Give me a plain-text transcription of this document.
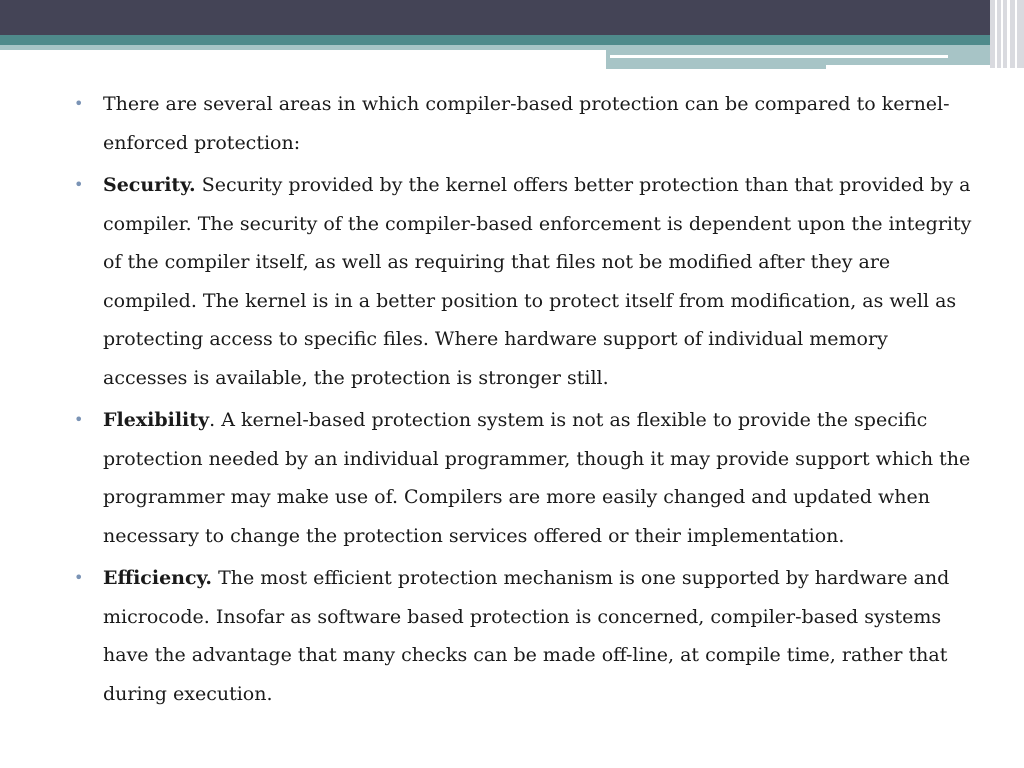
• There are several areas in which compiler-based protection can be compared to kernel-enforced protection:
• Security. Security provided by the kernel offers better protection than that provided by a compiler. The security of the compiler-based enforcement is dependent upon the integrity of the compiler itself, as well as requiring that files not be modified after they are compiled. The kernel is in a better position to protect itself from modification, as well as protecting access to specific files. Where hardware support of individual memory accesses is available, the protection is stronger still.
• Flexibility. A kernel-based protection system is not as flexible to provide the specific protection needed by an individual programmer, though it may provide support which the programmer may make use of. Compilers are more easily changed and updated when necessary to change the protection services offered or their implementation.
• Efficiency. The most efficient protection mechanism is one supported by hardware and microcode. Insofar as software based protection is concerned, compiler-based systems have the advantage that many checks can be made off-line, at compile time, rather that during execution.
